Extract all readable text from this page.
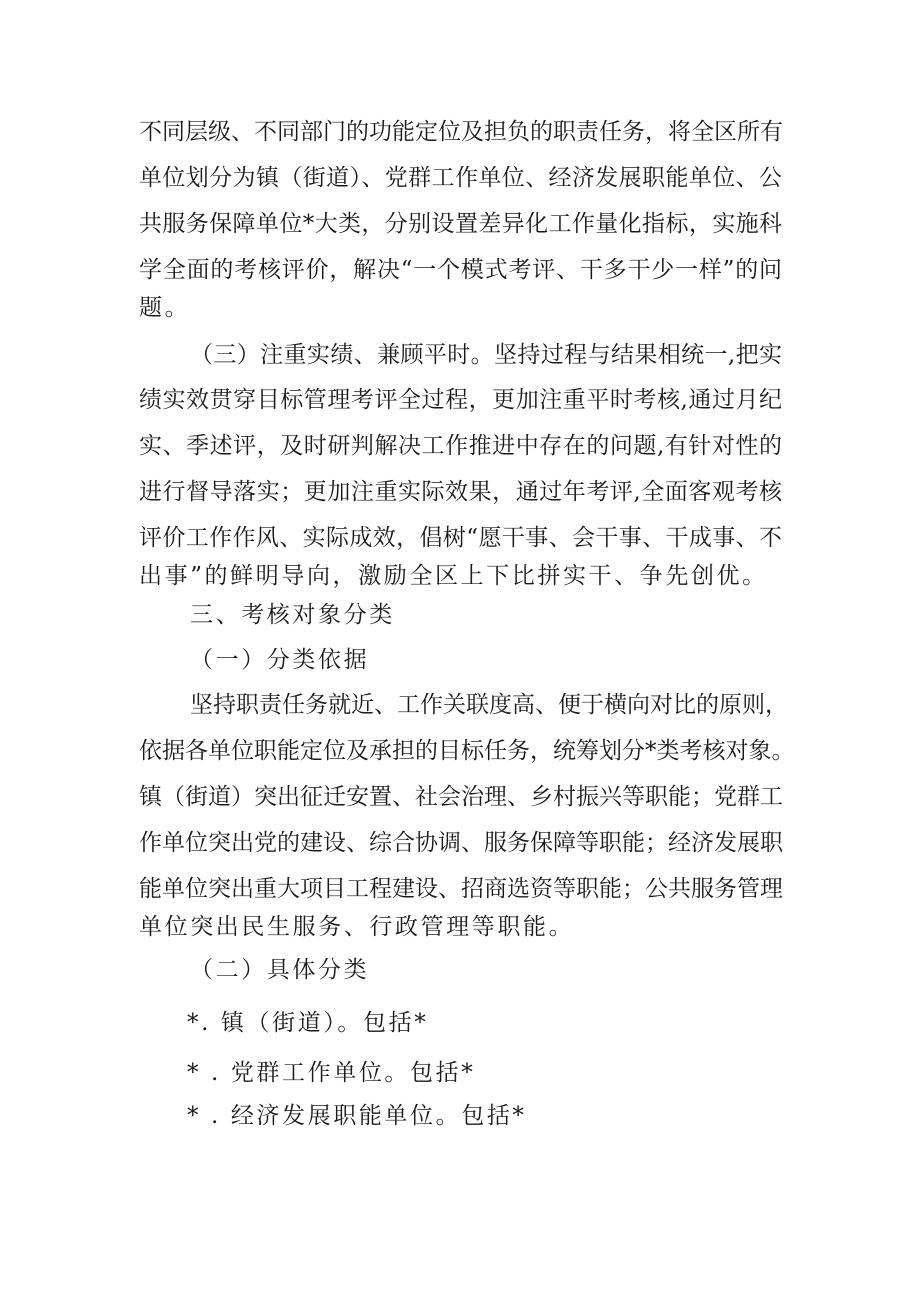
不同层级、不同部门的功能定位及担负的职责任务，将全区所有
单位划分为镇（街道）、党群工作单位、经济发展职能单位、公
共服务保障单位*大类，分别设置差异化工作量化指标，实施科
学全面的考核评价，解决“一个模式考评、干多干少一样”的问
题。
（三）注重实绩、兼顾平时。坚持过程与结果相统一,把实
绩实效贯穿目标管理考评全过程，更加注重平时考核,通过月纪
实、季述评，及时研判解决工作推进中存在的问题,有针对性的
进行督导落实；更加注重实际效果，通过年考评,全面客观考核
评价工作作风、实际成效，倡树“愿干事、会干事、干成事、不
出事”的鲜明导向，激励全区上下比拼实干、争先创优。
三、考核对象分类
（一）分类依据
坚持职责任务就近、工作关联度高、便于横向对比的原则，
依据各单位职能定位及承担的目标任务，统筹划分*类考核对象。
镇（街道）突出征迁安置、社会治理、乡村振兴等职能；党群工
作单位突出党的建设、综合协调、服务保障等职能；经济发展职
能单位突出重大项目工程建设、招商选资等职能；公共服务管理
单位突出民生服务、行政管理等职能。
（二）具体分类
*. 镇（街道）。包括*
* . 党群工作单位。包括*
* . 经济发展职能单位。包括*
